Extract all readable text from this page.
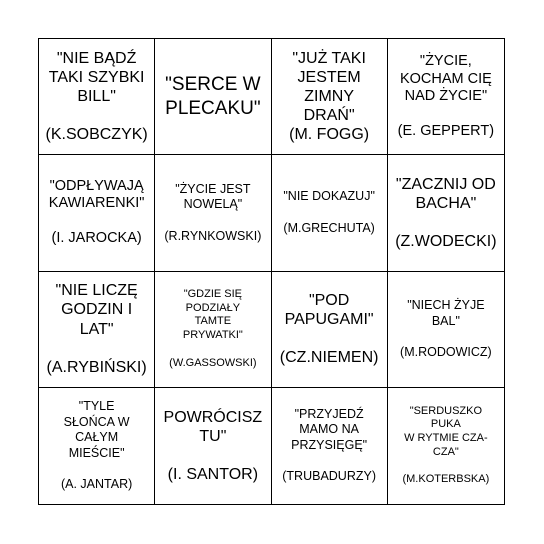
"NIE BĄDŹ
TAKI SZYBKI
BILL"

(K.SOBCZYK)
"SERCE W
PLECAKU"
"JUŻ TAKI
JESTEM
ZIMNY
DRAŃ"
(M. FOGG)
"ŻYCIE,
KOCHAM CIĘ
NAD ŻYCIE"

(E. GEPPERT)
"ODPŁYWAJĄ
KAWIARENKI"

(I. JAROCKA)
"ŻYCIE JEST
NOWELĄ"

(R.RYNKOWSKI)
"NIE DOKAZUJ"

(M.GRECHUTA)
"ZACZNIJ OD
BACHA"

(Z.WODECKI)
"NIE LICZĘ
GODZIN I
LAT"

(A.RYBIŃSKI)
"GDZIE SIĘ
PODZIAŁY
TAMTE
PRYWATKI"

(W.GASSOWSKI)
"POD
PAPUGAMI"

(CZ.NIEMEN)
"NIECH ŻYJE
BAL"

(M.RODOWICZ)
"TYLE
SŁOŃCA W
CAŁYM
MIEŚCIE"

(A. JANTAR)
POWRÓCISZ
TU"

(I. SANTOR)
"PRZYJEDŹ
MAMO NA
PRZYSIĘGĘ"

(TRUBADURZY)
"SERDUSZKO
PUKA
W RYTMIE CZA-
CZA"

(M.KOTERBSKA)
